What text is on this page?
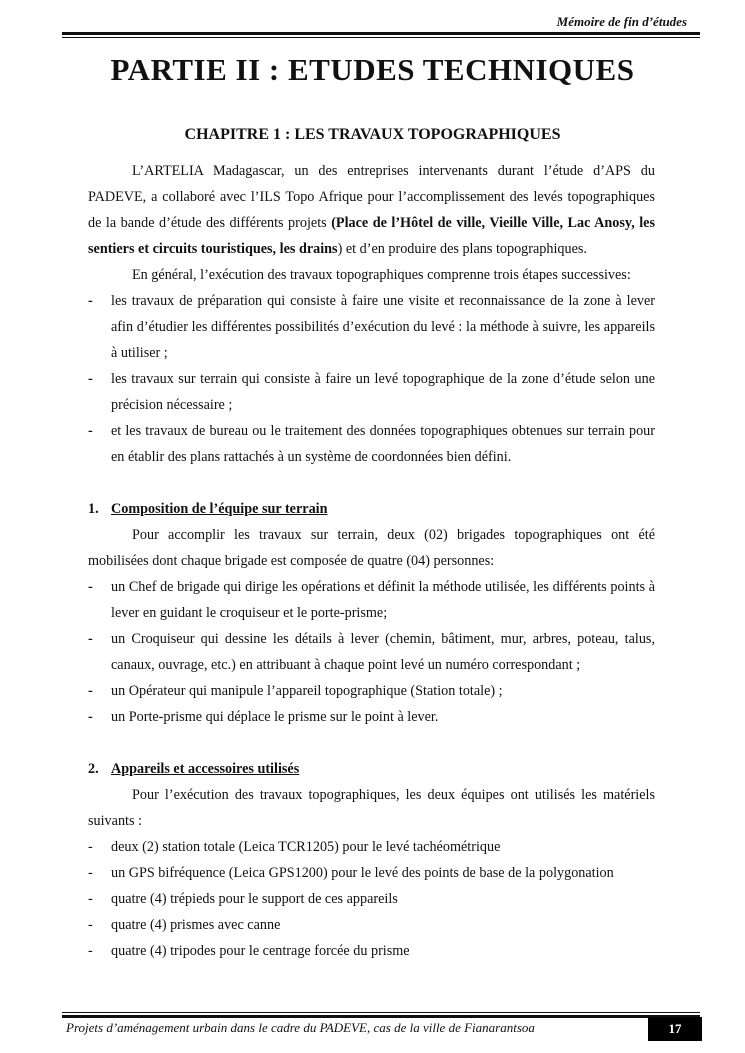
Mémoire de fin d’études
PARTIE II : ETUDES TECHNIQUES
CHAPITRE 1 : LES TRAVAUX TOPOGRAPHIQUES

L’ARTELIA Madagascar, un des entreprises intervenants durant l’étude d’APS du PADEVE, a collaboré avec l’ILS Topo Afrique pour l’accomplissement des levés topographiques de la bande d’étude des différents projets (Place de l’Hôtel de ville, Vieille Ville, Lac Anosy, les sentiers et circuits touristiques, les drains) et d’en produire des plans topographiques.

En général, l’exécution des travaux topographiques comprenne trois étapes successives:

- les travaux de préparation qui consiste à faire une visite et reconnaissance de la zone à lever afin d’étudier les différentes possibilités d’exécution du levé : la méthode à suivre, les appareils à utiliser ;

- les travaux sur terrain qui consiste à faire un levé topographique de la zone d’étude selon une précision nécessaire ;

- et les travaux de bureau ou le traitement des données topographiques obtenues sur terrain pour en établir des plans rattachés à un système de coordonnées bien défini.

1. Composition de l’équipe sur terrain

Pour accomplir les travaux sur terrain, deux (02) brigades topographiques ont été mobilisées dont chaque brigade est composée de quatre (04) personnes:

- un Chef de brigade qui dirige les opérations et définit la méthode utilisée, les différents points à lever en guidant le croquiseur et le porte-prisme;

- un Croquiseur qui dessine les détails à lever (chemin, bâtiment, mur, arbres, poteau, talus, canaux, ouvrage, etc.) en attribuant à chaque point levé un numéro correspondant ;

- un Opérateur qui manipule l’appareil topographique (Station totale) ;

- un Porte-prisme qui déplace le prisme sur le point à lever.

2. Appareils et accessoires utilisés

Pour l’exécution des travaux topographiques, les deux équipes ont utilisés les matériels suivants :

- deux (2) station totale (Leica TCR1205) pour le levé tachéométrique

- un GPS bifréquence (Leica GPS1200) pour le levé des points de base de la polygonation

- quatre (4) trépieds pour le support de ces appareils

- quatre (4) prismes avec canne

- quatre (4) tripodes pour le centrage forcée du prisme

Projets d’aménagement urbain dans le cadre du PADEVE, cas de la ville de Fianarantsoa	17
